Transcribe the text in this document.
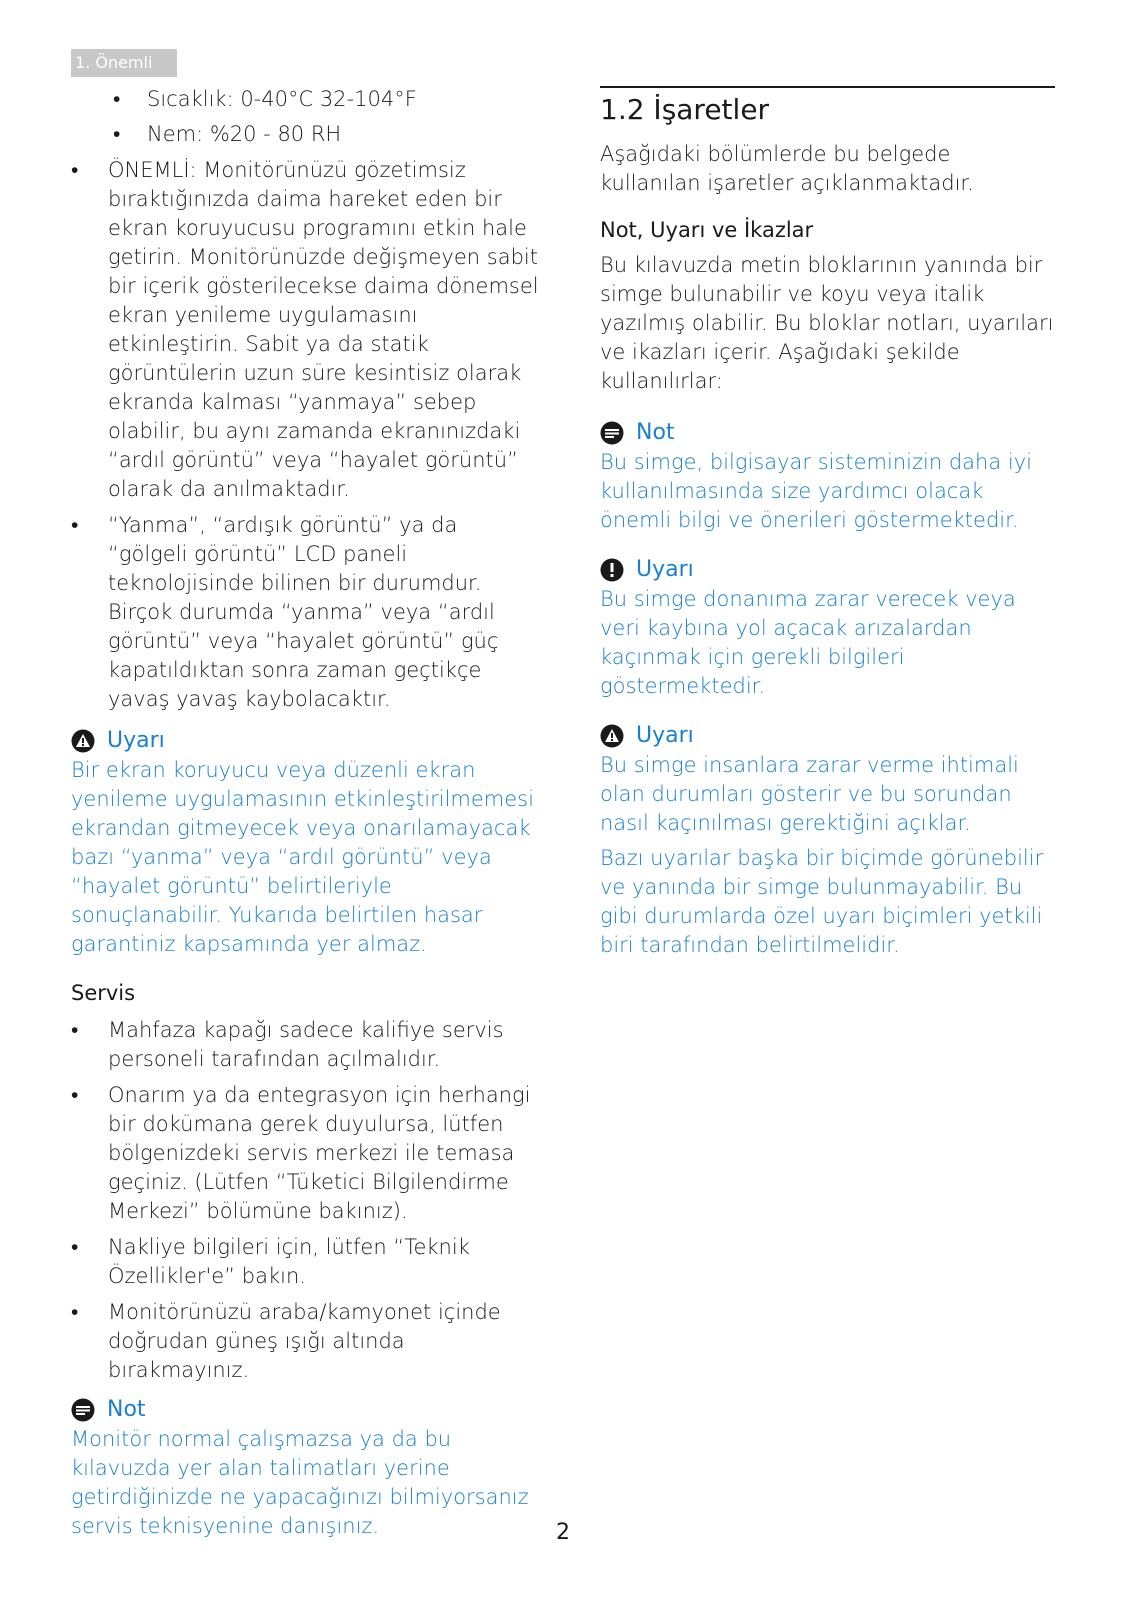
1. Önemli
• Sıcaklık: 0-40°C 32-104°F
• Nem: %20 - 80 RH
• ÖNEMLİ: Monitörünüzü gözetimsiz bıraktığınızda daima hareket eden bir ekran koruyucusu programını etkin hale getirin. Monitörünüzde değişmeyen sabit bir içerik gösterilecekse daima dönemsel ekran yenileme uygulamasını etkinleştirin. Sabit ya da statik görüntülerin uzun süre kesintisiz olarak ekranda kalması “yanmaya” sebep olabilir, bu aynı zamanda ekranınızdaki “ardıl görüntü” veya “hayalet görüntü” olarak da anılmaktadır.
• “Yanma”, “ardışık görüntü” ya da “gölgeli görüntü” LCD paneli teknolojisinde bilinen bir durumdur. Birçok durumda “yanma” veya “ardıl görüntü” veya “hayalet görüntü” güç kapatıldıktan sonra zaman geçtikçe yavaş yavaş kaybolacaktır.
Uyarı
Bir ekran koruyucu veya düzenli ekran yenileme uygulamasının etkinleştirilmemesi ekrandan gitmeyecek veya onarılamayacak bazı “yanma” veya “ardıl görüntü” veya “hayalet görüntü” belirtileriyle sonuçlanabilir. Yukarıda belirtilen hasar garantiniz kapsamında yer almaz.
Servis
• Mahfaza kapağı sadece kalifiye servis personeli tarafından açılmalıdır.
• Onarım ya da entegrasyon için herhangi bir dokümana gerek duyulursa, lütfen bölgenizdeki servis merkezi ile temasa geçiniz. (Lütfen “Tüketici Bilgilendirme Merkezi” bölümüne bakınız).
• Nakliye bilgileri için, lütfen “Teknik Özellikler'e” bakın.
• Monitörünüzü araba/kamyonet içinde doğrudan güneş ışığı altında bırakmayınız.
Not
Monitör normal çalışmazsa ya da bu kılavuzda yer alan talimatları yerine getirdiğinizde ne yapacağınızı bilmiyorsanız servis teknisyenine danışınız.
1.2 İşaretler
Aşağıdaki bölümlerde bu belgede kullanılan işaretler açıklanmaktadır.
Not, Uyarı ve İkazlar
Bu kılavuzda metin bloklarının yanında bir simge bulunabilir ve koyu veya italik yazılmış olabilir. Bu bloklar notları, uyarıları ve ikazları içerir. Aşağıdaki şekilde kullanılırlar:
Not
Bu simge, bilgisayar sisteminizin daha iyi kullanılmasında size yardımcı olacak önemli bilgi ve önerileri göstermektedir.
Uyarı
Bu simge donanıma zarar verecek veya veri kaybına yol açacak arızalardan kaçınmak için gerekli bilgileri göstermektedir.
Uyarı
Bu simge insanlara zarar verme ihtimali olan durumları gösterir ve bu sorundan nasıl kaçınılması gerektiğini açıklar.
Bazı uyarılar başka bir biçimde görünebilir ve yanında bir simge bulunmayabilir. Bu gibi durumlarda özel uyarı biçimleri yetkili biri tarafından belirtilmelidir.
2
